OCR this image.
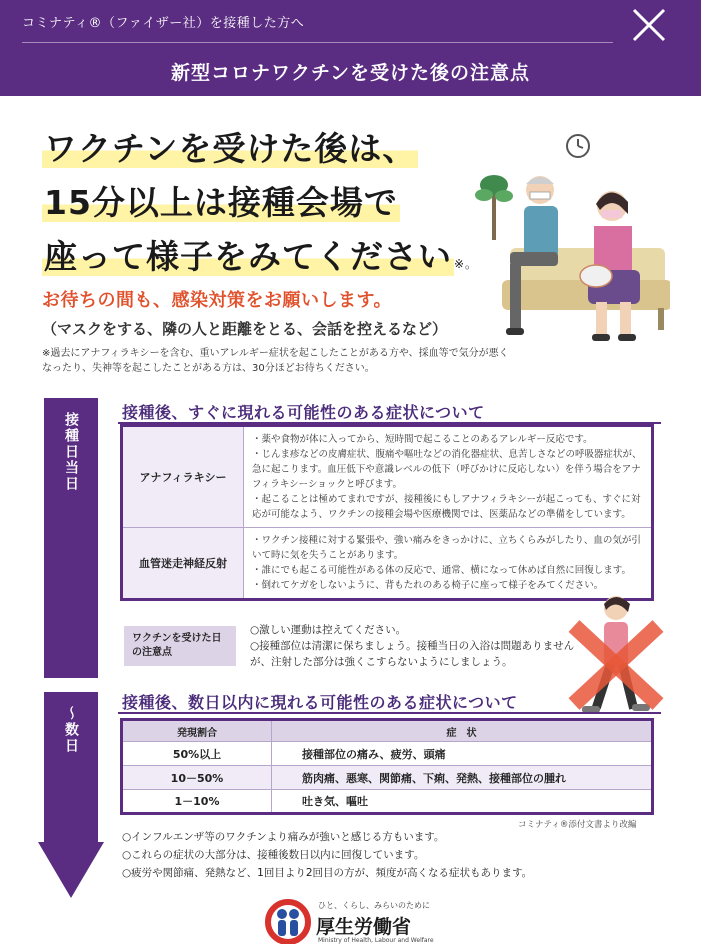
コミナティ®（ファイザー社）を接種した方へ
新型コロナワクチンを受けた後の注意点
ワクチンを受けた後は、
15分以上は接種会場で
座って様子をみてください ※。
お待ちの間も、感染対策をお願いします。
（マスクをする、隣の人と距離をとる、会話を控えるなど）
※過去にアナフィラキシーを含む、重いアレルギー症状を起こしたことがある方や、採血等で気分が悪くなったり、失神等を起こしたことがある方は、30分ほどお待ちください。
接種日当日	接種後、すぐに現れる可能性のある症状について
アナフィラキシー	・薬や食物が体に入ってから、短時間で起こることのあるアレルギー反応です。
・じんま疹などの皮膚症状、腹痛や嘔吐などの消化器症状、息苦しさなどの呼吸器症状が、急に起こります。血圧低下や意識レベルの低下（呼びかけに反応しない）を伴う場合をアナフィラキシーショックと呼びます。
・起こることは極めてまれですが、接種後にもしアナフィラキシーが起こっても、すぐに対応が可能なよう、ワクチンの接種会場や医療機関では、医薬品などの準備をしています。

血管迷走神経反射	・ワクチン接種に対する緊張や、強い痛みをきっかけに、立ちくらみがしたり、血の気が引いて時に気を失うことがあります。
・誰にでも起こる可能性がある体の反応で、通常、横になって休めば自然に回復します。
・倒れてケガをしないように、背もたれのある椅子に座って様子をみてください。
ワクチンを受けた日
の注意点
○激しい運動は控えてください。
○接種部位は清潔に保ちましょう。接種当日の入浴は問題ありませんが、注射した部分は強くこすらないようにしましょう。
〜数日
接種後、数日以内に現れる可能性のある症状について
発現割合	症　状
50%以上	接種部位の痛み、疲労、頭痛
10－50%	筋肉痛、悪寒、関節痛、下痢、発熱、接種部位の腫れ
1－10%	吐き気、嘔吐
コミナティ®添付文書より改編
○インフルエンザ等のワクチンより痛みが強いと感じる方もいます。
○これらの症状の大部分は、接種後数日以内に回復しています。
○疲労や関節痛、発熱など、1回目より2回目の方が、頻度が高くなる症状もあります。
ひと、くらし、みらいのために
厚生労働省
Ministry of Health, Labour and Welfare
